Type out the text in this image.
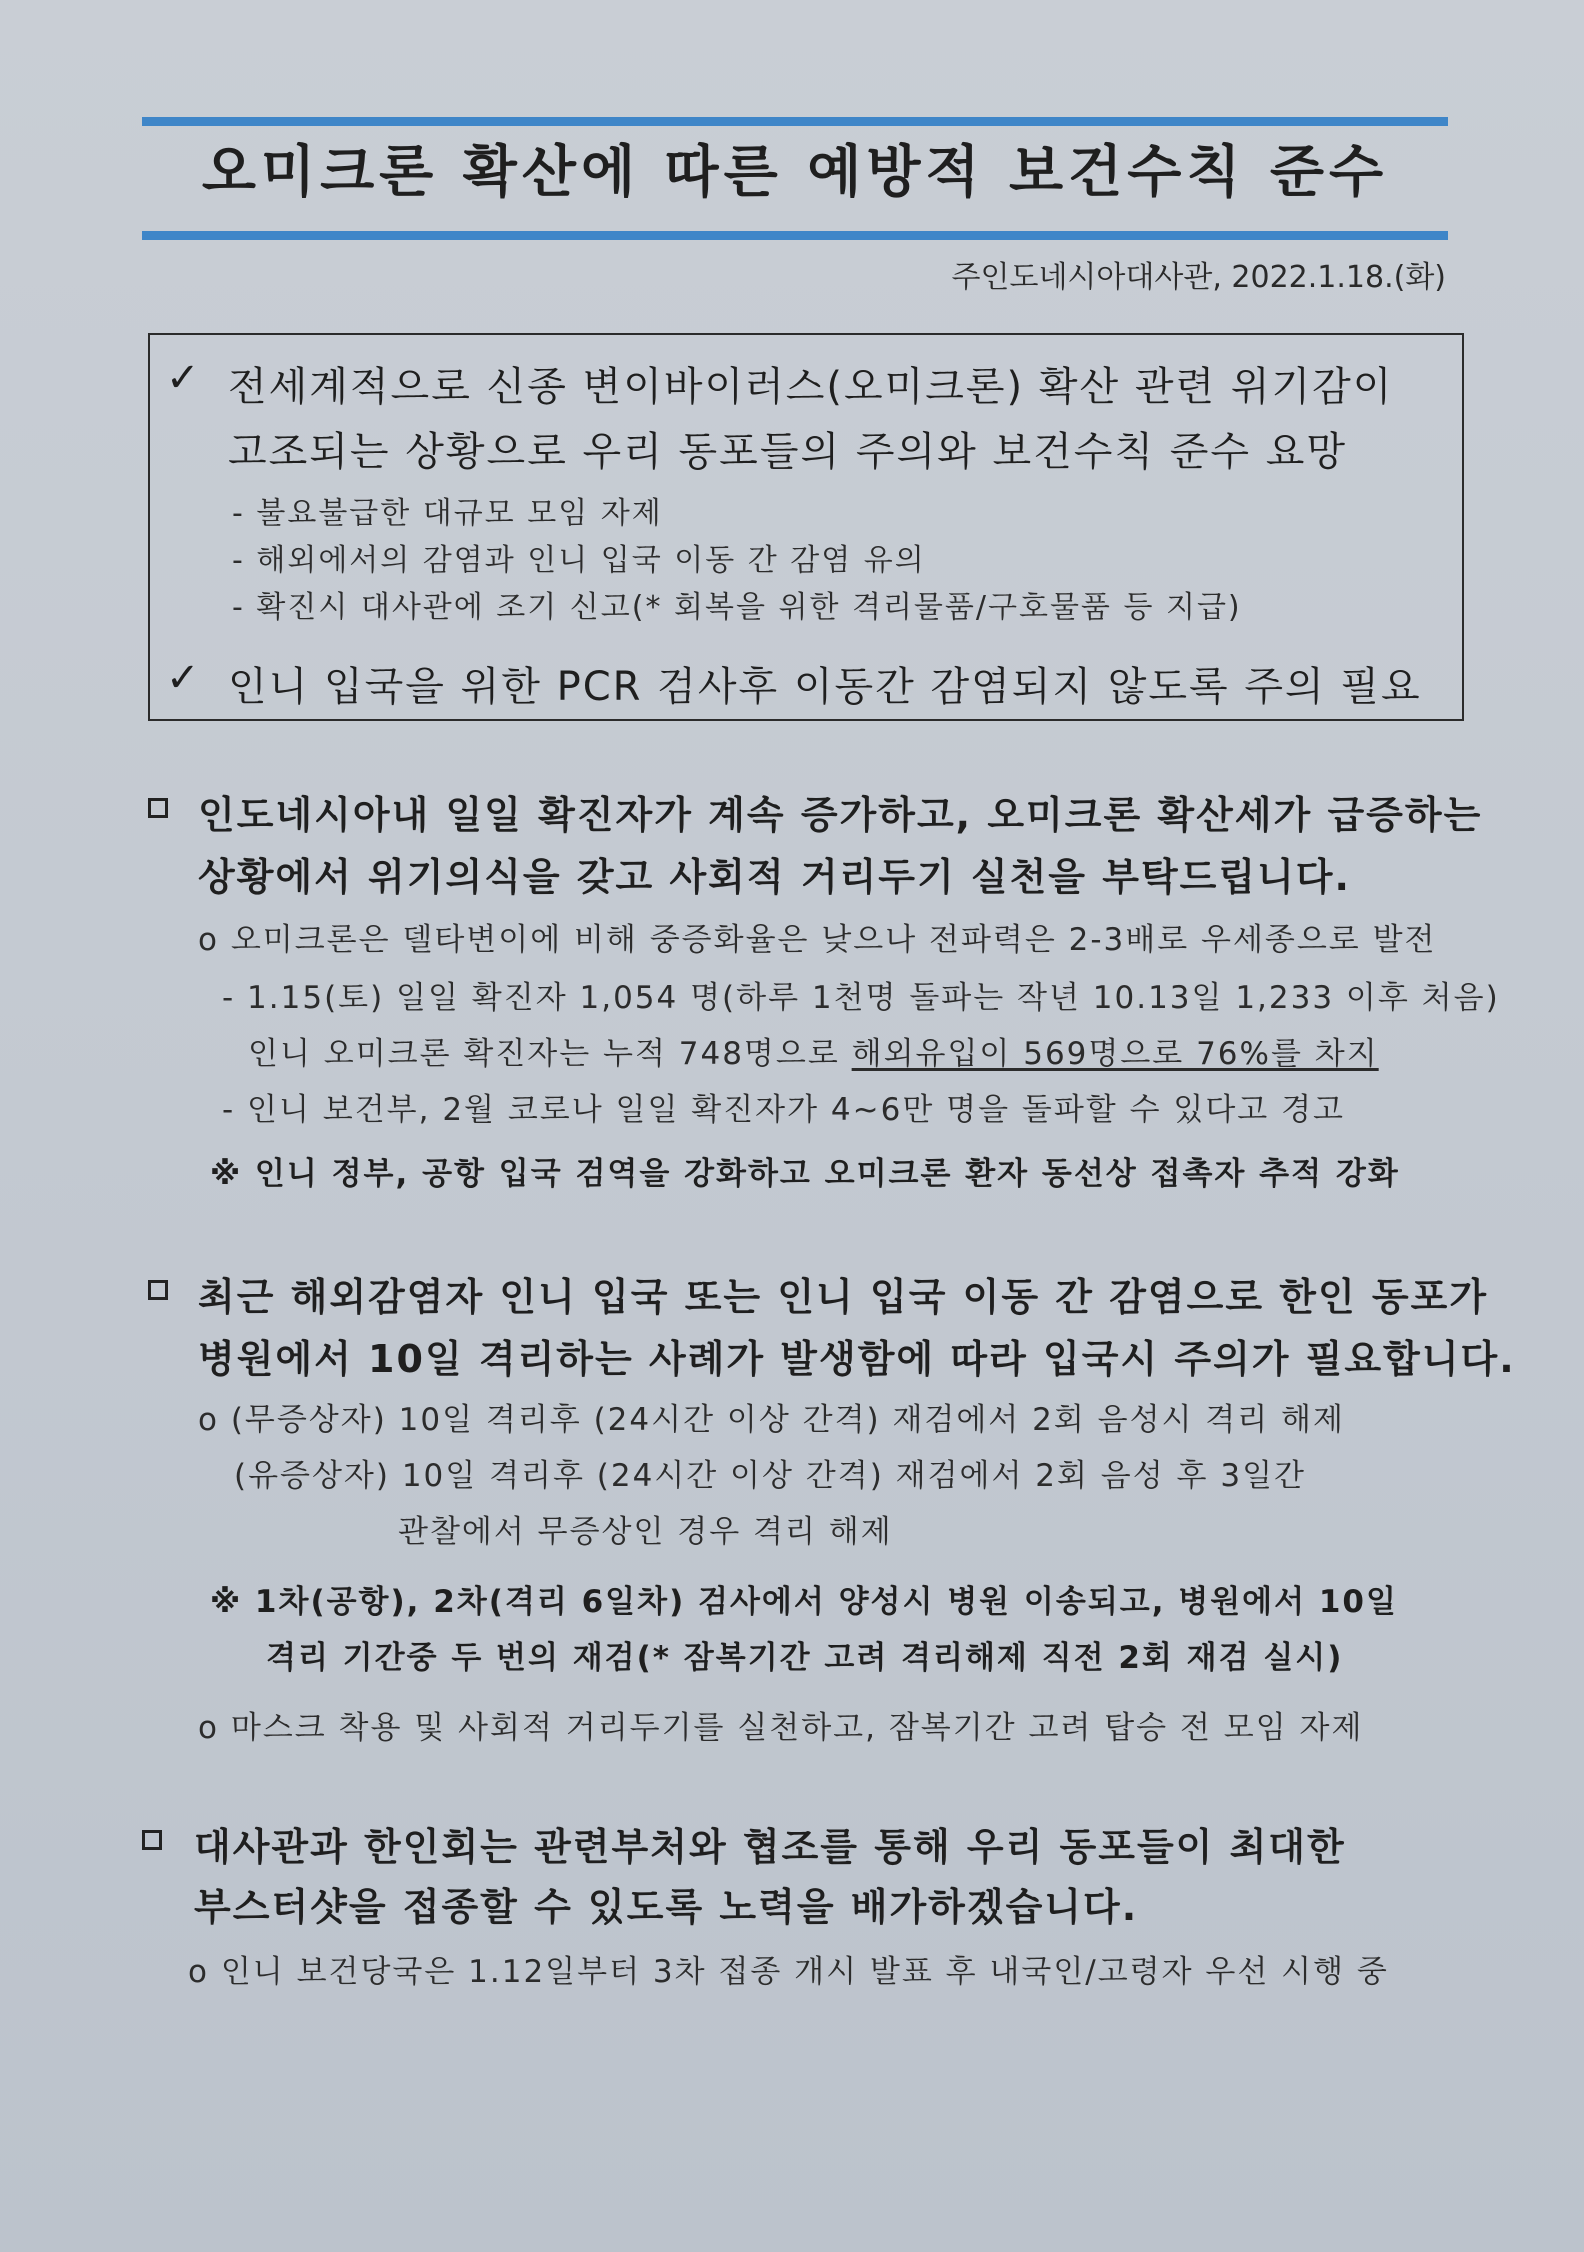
오미크론 확산에 따른 예방적 보건수칙 준수
주인도네시아대사관, 2022.1.18.(화)
✓ 전세계적으로 신종 변이바이러스(오미크론) 확산 관련 위기감이
고조되는 상황으로 우리 동포들의 주의와 보건수칙 준수 요망
- 불요불급한 대규모 모임 자제
- 해외에서의 감염과 인니 입국 이동 간 감염 유의
- 확진시 대사관에 조기 신고(* 회복을 위한 격리물품/구호물품 등 지급)
✓ 인니 입국을 위한 PCR 검사후 이동간 감염되지 않도록 주의 필요
인도네시아내 일일 확진자가 계속 증가하고, 오미크론 확산세가 급증하는
상황에서 위기의식을 갖고 사회적 거리두기 실천을 부탁드립니다.
o 오미크론은 델타변이에 비해 중증화율은 낮으나 전파력은 2-3배로 우세종으로 발전
- 1.15(토) 일일 확진자 1,054 명(하루 1천명 돌파는 작년 10.13일 1,233 이후 처음)
인니 오미크론 확진자는 누적 748명으로 해외유입이 569명으로 76%를 차지
- 인니 보건부, 2월 코로나 일일 확진자가 4~6만 명을 돌파할 수 있다고 경고
※ 인니 정부, 공항 입국 검역을 강화하고 오미크론 환자 동선상 접촉자 추적 강화
최근 해외감염자 인니 입국 또는 인니 입국 이동 간 감염으로 한인 동포가
병원에서 10일 격리하는 사례가 발생함에 따라 입국시 주의가 필요합니다.
o (무증상자) 10일 격리후 (24시간 이상 간격) 재검에서 2회 음성시 격리 해제
(유증상자) 10일 격리후 (24시간 이상 간격) 재검에서 2회 음성 후 3일간
관찰에서 무증상인 경우 격리 해제
※ 1차(공항), 2차(격리 6일차) 검사에서 양성시 병원 이송되고, 병원에서 10일
격리 기간중 두 번의 재검(* 잠복기간 고려 격리해제 직전 2회 재검 실시)
o 마스크 착용 및 사회적 거리두기를 실천하고, 잠복기간 고려 탑승 전 모임 자제
대사관과 한인회는 관련부처와 협조를 통해 우리 동포들이 최대한
부스터샷을 접종할 수 있도록 노력을 배가하겠습니다.
o 인니 보건당국은 1.12일부터 3차 접종 개시 발표 후 내국인/고령자 우선 시행 중
